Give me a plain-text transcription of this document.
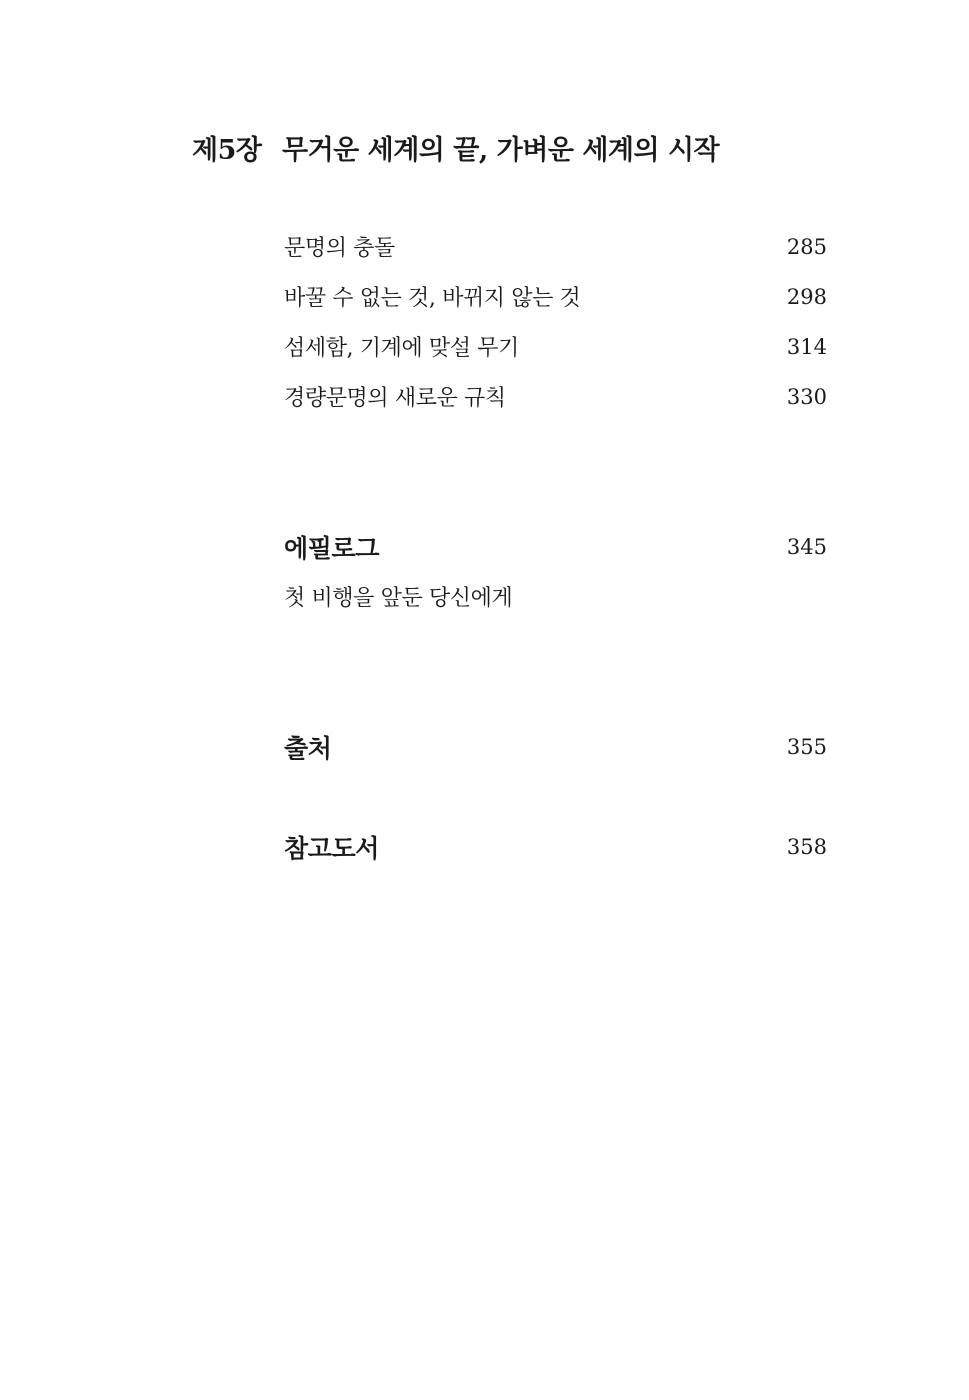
제5장 무거운 세계의 끝, 가벼운 세계의 시작
문명의 충돌	285
바꿀 수 없는 것, 바뀌지 않는 것	298
섬세함, 기계에 맞설 무기	314
경량문명의 새로운 규칙	330
에필로그	345
첫 비행을 앞둔 당신에게
출처	355
참고도서	358
